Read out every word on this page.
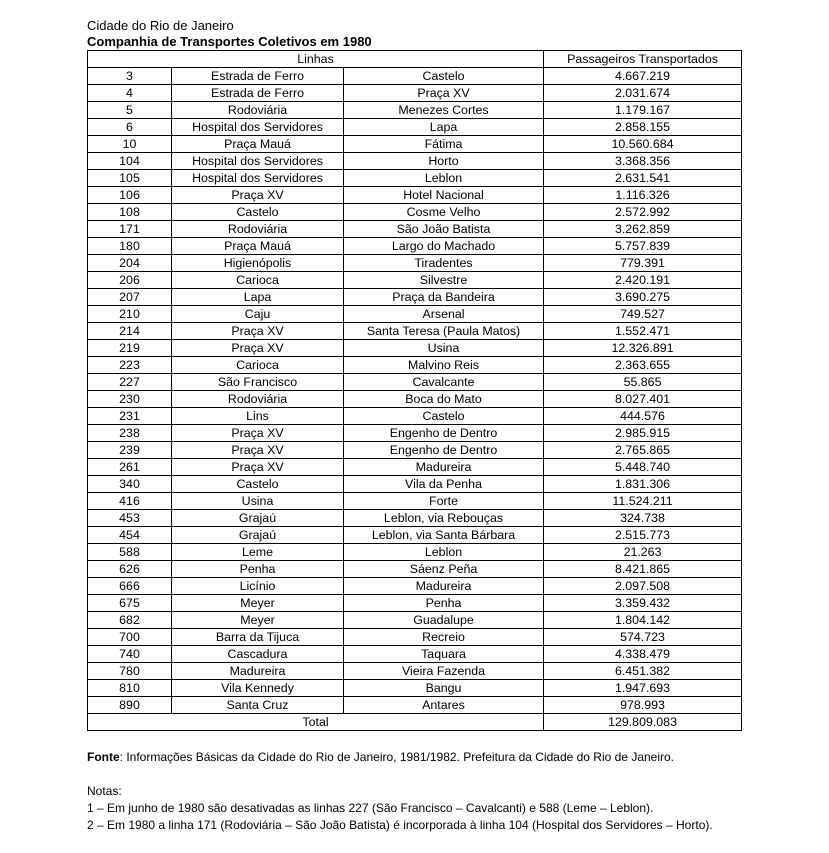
Cidade do Rio de Janeiro
Companhia de Transportes Coletivos em 1980
Linhas			Passageiros Transportados
3	Estrada de Ferro	Castelo	4.667.219
4	Estrada de Ferro	Praça XV	2.031.674
5	Rodoviária	Menezes Cortes	1.179.167
6	Hospital dos Servidores	Lapa	2.858.155
10	Praça Mauá	Fátima	10.560.684
104	Hospital dos Servidores	Horto	3.368.356
105	Hospital dos Servidores	Leblon	2.631.541
106	Praça XV	Hotel Nacional	1.116.326
108	Castelo	Cosme Velho	2.572.992
171	Rodoviária	São João Batista	3.262.859
180	Praça Mauá	Largo do Machado	5.757.839
204	Higienópolis	Tiradentes	779.391
206	Carioca	Silvestre	2.420.191
207	Lapa	Praça da Bandeira	3.690.275
210	Caju	Arsenal	749.527
214	Praça XV	Santa Teresa (Paula Matos)	1.552.471
219	Praça XV	Usina	12.326.891
223	Carioca	Malvino Reis	2.363.655
227	São Francisco	Cavalcante	55.865
230	Rodoviária	Boca do Mato	8.027.401
231	Lins	Castelo	444.576
238	Praça XV	Engenho de Dentro	2.985.915
239	Praça XV	Engenho de Dentro	2.765.865
261	Praça XV	Madureira	5.448.740
340	Castelo	Vila da Penha	1.831.306
416	Usina	Forte	11.524.211
453	Grajaú	Leblon, via Rebouças	324.738
454	Grajaú	Leblon, via Santa Bárbara	2.515.773
588	Leme	Leblon	21.263
626	Penha	Sáenz Peña	8.421.865
666	Licínio	Madureira	2.097.508
675	Meyer	Penha	3.359.432
682	Meyer	Guadalupe	1.804.142
700	Barra da Tijuca	Recreio	574.723
740	Cascadura	Taquara	4.338.479
780	Madureira	Vieira Fazenda	6.451.382
810	Vila Kennedy	Bangu	1.947.693
890	Santa Cruz	Antares	978.993
Total			129.809.083
Fonte: Informações Básicas da Cidade do Rio de Janeiro, 1981/1982. Prefeitura da Cidade do Rio de Janeiro.
Notas:
1 – Em junho de 1980 são desativadas as linhas 227 (São Francisco – Cavalcanti) e 588 (Leme – Leblon).
2 – Em 1980 a linha 171 (Rodoviária – São João Batista) é incorporada à linha 104 (Hospital dos Servidores – Horto).
